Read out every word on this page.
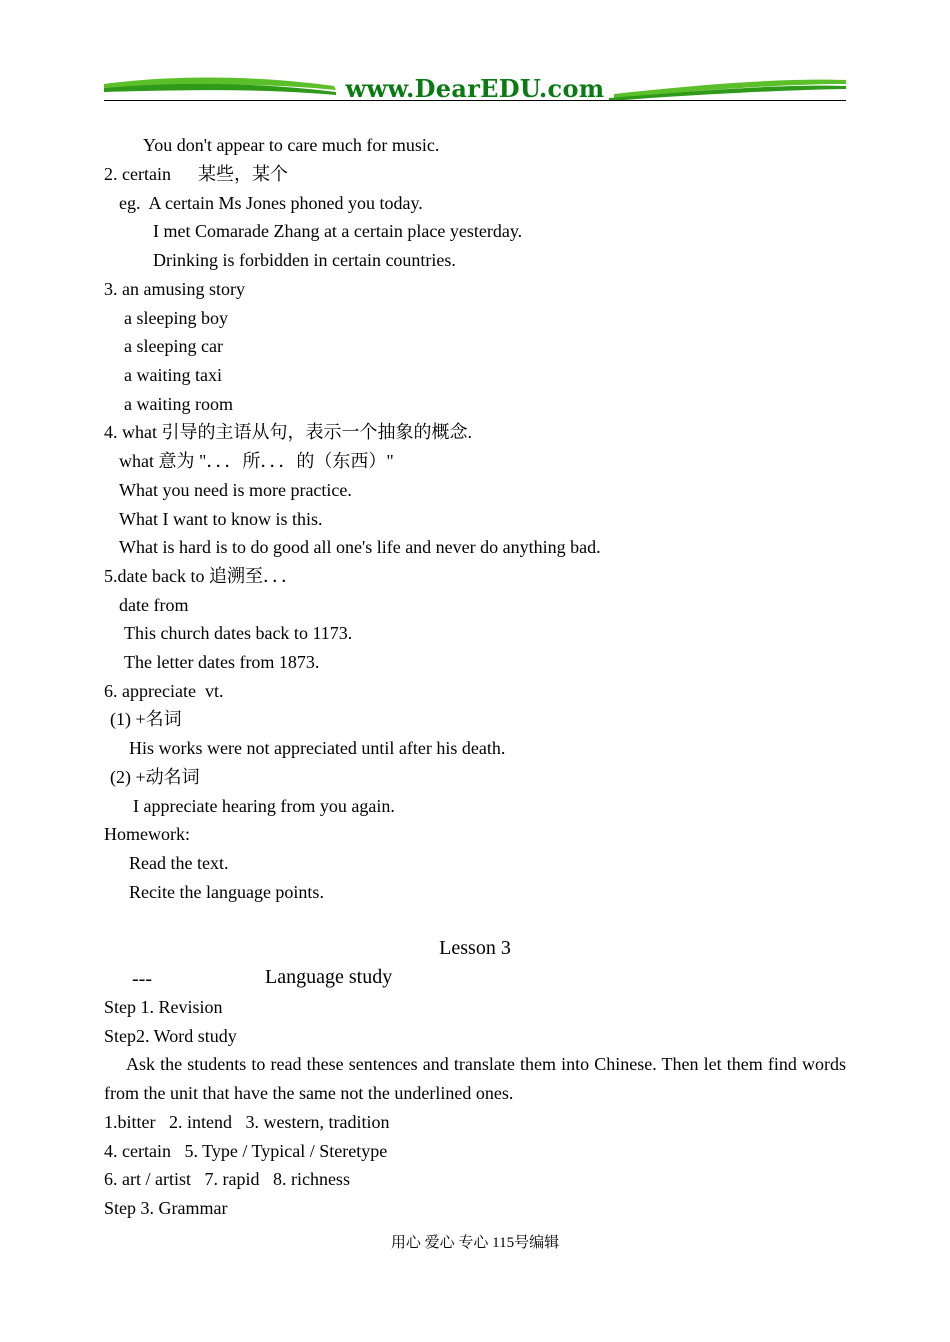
www.DearEDU.com
You don't appear to care much for music.
2. certain      某些，某个
eg.  A certain Ms Jones phoned you today.
I met Comarade Zhang at a certain place yesterday.
Drinking is forbidden in certain countries.
3. an amusing story
a sleeping boy
a sleeping car
a waiting taxi
a waiting room
4. what 引导的主语从句，表示一个抽象的概念.
what 意为 "．．．所．．．的（东西）"
What you need is more practice.
What I want to know is this.
What is hard is to do good all one's life and never do anything bad.
5.date back to 追溯至．．．
date from
This church dates back to 1173.
The letter dates from 1873.
6. appreciate  vt.
(1) +名词
His works were not appreciated until after his death.
(2) +动名词
I appreciate hearing from you again.
Homework:
Read the text.
Recite the language points.
Lesson 3
---	Language study
Step 1. Revision
Step2. Word study
Ask the students to read these sentences and translate them into Chinese. Then let them find words from the unit that have the same not the underlined ones.
1.bitter   2. intend   3. western, tradition
4. certain   5. Type / Typical / Steretype
6. art / artist   7. rapid   8. richness
Step 3. Grammar
用心 爱心 专心 115号编辑
